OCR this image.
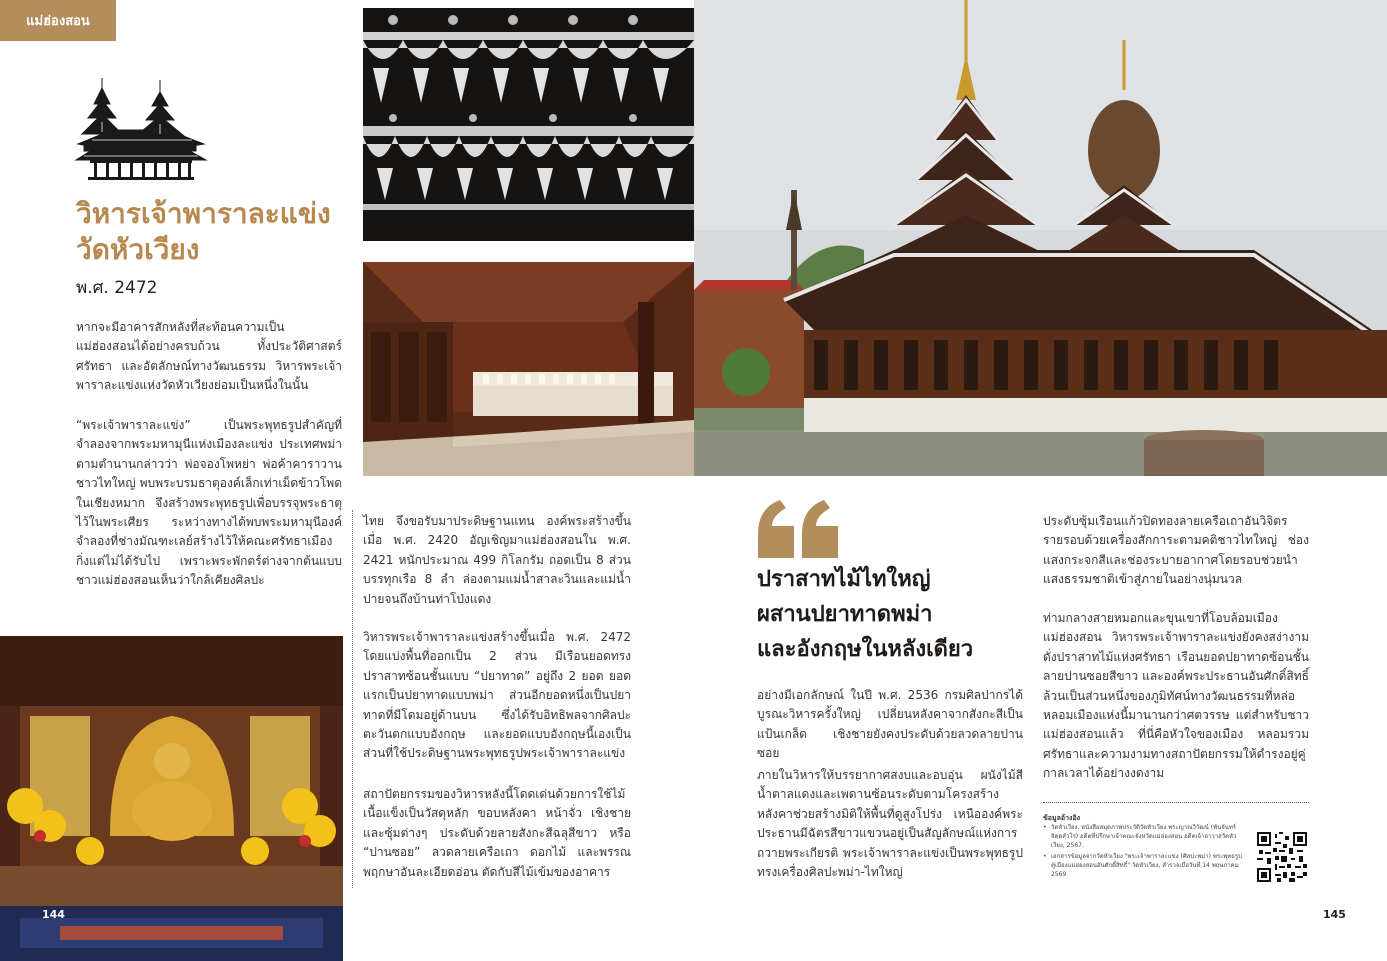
แม่ฮ่องสอน
วิหารเจ้าพาราละแข่ง
วัดหัวเวียง
พ.ศ. 2472

หากจะมีอาคารสักหลังที่สะท้อนความเป็นแม่ฮ่องสอนได้อย่างครบถ้วน ทั้งประวัติศาสตร์ ศรัทธา และอัตลักษณ์ทางวัฒนธรรม วิหารพระเจ้าพาราละแข่งแห่งวัดหัวเวียงย่อมเป็นหนึ่งในนั้น

“พระเจ้าพาราละแข่ง” เป็นพระพุทธรูปสำคัญที่จำลองจากพระมหามุนีแห่งเมืองละแข่ง ประเทศพม่า ตามตำนานกล่าวว่า พ่อจองโพหย่า พ่อค้าคาราวานชาวไทใหญ่ พบพระบรมธาตุองค์เล็กเท่าเม็ดข้าวโพดในเชียงหมาก จึงสร้างพระพุทธรูปเพื่อบรรจุพระธาตุไว้ในพระเศียร ระหว่างทางได้พบพระมหามุนีองค์จำลองที่ช่างมัณฑะเลย์สร้างไว้ให้คณะศรัทธาเมืองกิ่งแต่ไม่ได้รับไป เพราะพระพักตร์ต่างจากต้นแบบ ชาวแม่ฮ่องสอนเห็นว่าใกล้เคียงศิลปะ

ไทย จึงขอรับมาประดิษฐานแทน องค์พระสร้างขึ้นเมื่อ พ.ศ. 2420 อัญเชิญมาแม่ฮ่องสอนใน พ.ศ. 2421 หนักประมาณ 499 กิโลกรัม ถอดเป็น 8 ส่วน บรรทุกเรือ 8 ลำ ล่องตามแม่น้ำสาละวินและแม่น้ำปายจนถึงบ้านท่าโป่งแดง

วิหารพระเจ้าพาราละแข่งสร้างขึ้นเมื่อ พ.ศ. 2472 โดยแบ่งพื้นที่ออกเป็น 2 ส่วน มีเรือนยอดทรงปราสาทซ้อนชั้นแบบ “ปยาทาด” อยู่ถึง 2 ยอด ยอดแรกเป็นปยาทาดแบบพม่า ส่วนอีกยอดหนึ่งเป็นปยาทาดที่มีโดมอยู่ด้านบน ซึ่งได้รับอิทธิพลจากศิลปะตะวันตกแบบอังกฤษ และยอดแบบอังกฤษนี้เองเป็นส่วนที่ใช้ประดิษฐานพระพุทธรูปพระเจ้าพาราละแข่ง

สถาปัตยกรรมของวิหารหลังนี้โดดเด่นด้วยการใช้ไม้เนื้อแข็งเป็นวัสดุหลัก ขอบหลังคา หน้าจั่ว เชิงชายและซุ้มต่างๆ ประดับด้วยลายสังกะสีฉลุสีขาว หรือ “ปานซอย” ลวดลายเครือเถา ดอกไม้ และพรรณพฤกษาอันละเอียดอ่อน ตัดกับสีไม้เข้มของอาคาร

ปราสาทไม้ไทใหญ่
ผสานปยาทาดพม่า
และอังกฤษในหลังเดียว

อย่างมีเอกลักษณ์ ในปี พ.ศ. 2536 กรมศิลปากรได้บูรณะวิหารครั้งใหญ่ เปลี่ยนหลังคาจากสังกะสีเป็นแป้นเกล็ด เชิงชายยังคงประดับด้วยลวดลายปานซอย

ภายในวิหารให้บรรยากาศสงบและอบอุ่น ผนังไม้สีน้ำตาลแดงและเพดานซ้อนระดับตามโครงสร้างหลังคาช่วยสร้างมิติให้พื้นที่ดูสูงโปร่ง เหนือองค์พระประธานมีฉัตรสีขาวแขวนอยู่เป็นสัญลักษณ์แห่งการถวายพระเกียรติ พระเจ้าพาราละแข่งเป็นพระพุทธรูปทรงเครื่องศิลปะพม่า-ไทใหญ่

ประดับซุ้มเรือนแก้วปิดทองลายเครือเถาอันวิจิตร รายรอบด้วยเครื่องสักการะตามคติชาวไทใหญ่ ช่องแสงกระจกสีและช่องระบายอากาศโดยรอบช่วยนำแสงธรรมชาติเข้าสู่ภายในอย่างนุ่มนวล

ท่ามกลางสายหมอกและขุนเขาที่โอบล้อมเมืองแม่ฮ่องสอน วิหารพระเจ้าพาราละแข่งยังคงสง่างามดั่งปราสาทไม้แห่งศรัทธา เรือนยอดปยาทาดซ้อนชั้นลายปานซอยสีขาว และองค์พระประธานอันศักดิ์สิทธิ์ล้วนเป็นส่วนหนึ่งของภูมิทัศน์ทางวัฒนธรรมที่หล่อหลอมเมืองแห่งนี้มานานกว่าศตวรรษ แต่สำหรับชาวแม่ฮ่องสอนแล้ว ที่นี่คือหัวใจของเมือง หลอมรวมศรัทธาและความงามทางสถาปัตยกรรมให้ดำรงอยู่คู่กาลเวลาได้อย่างงดงาม

ข้อมูลอ้างอิง
• วัดหัวเวียง. หนังสือสมุดภาพประวัติวัดหัวเวียง พระญาณวิวัฒน์ (พันจันทร์ จิตฺตสํวโร) อดีตที่ปรึกษาเจ้าคณะจังหวัดแม่ฮ่องสอน อดีตเจ้าอาวาสวัดหัวเวียง, 2567.
• เอกสารข้อมูลจากวัดหัวเวียง "พระเจ้าพาราละแข่ง (ศิลปะพม่า) พระพุทธรูปคู่เมืองแม่ฮ่องสอนอันศักดิ์สิทธิ์" วัดหัวเวียง, สำรวจเมื่อวันที่ 14 พฤษภาคม 2569
144	145
